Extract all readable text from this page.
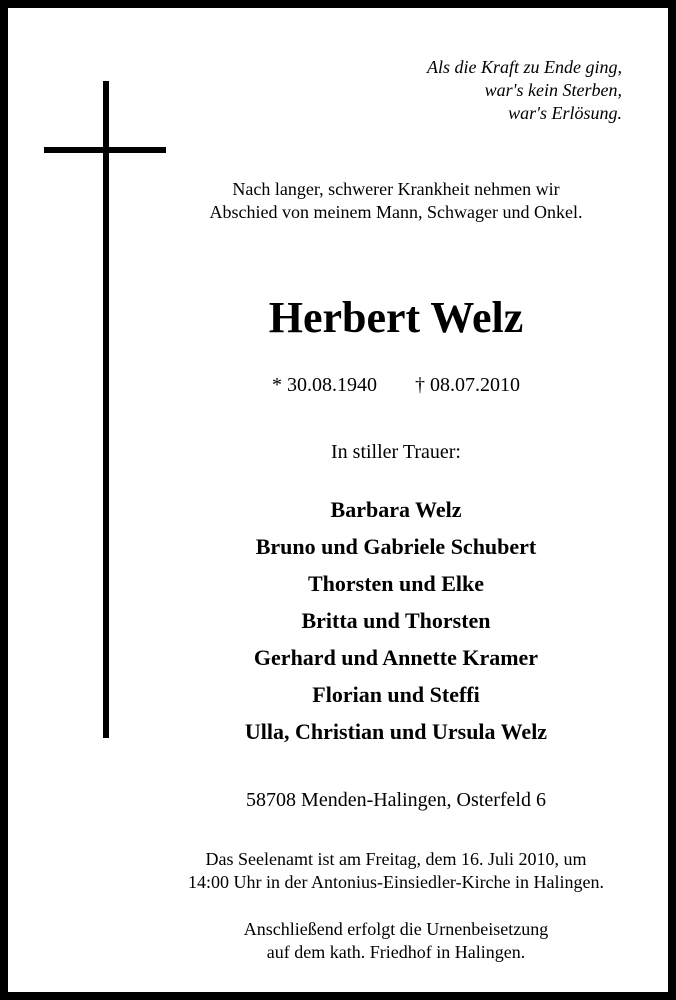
Als die Kraft zu Ende ging,
war's kein Sterben,
war's Erlösung.
Nach langer, schwerer Krankheit nehmen wir
Abschied von meinem Mann, Schwager und Onkel.
Herbert Welz
* 30.08.1940 † 08.07.2010
In stiller Trauer:
Barbara Welz
Bruno und Gabriele Schubert
Thorsten und Elke
Britta und Thorsten
Gerhard und Annette Kramer
Florian und Steffi
Ulla, Christian und Ursula Welz
58708 Menden-Halingen, Osterfeld 6
Das Seelenamt ist am Freitag, dem 16. Juli 2010, um
14:00 Uhr in der Antonius-Einsiedler-Kirche in Halingen.
Anschließend erfolgt die Urnenbeisetzung
auf dem kath. Friedhof in Halingen.
